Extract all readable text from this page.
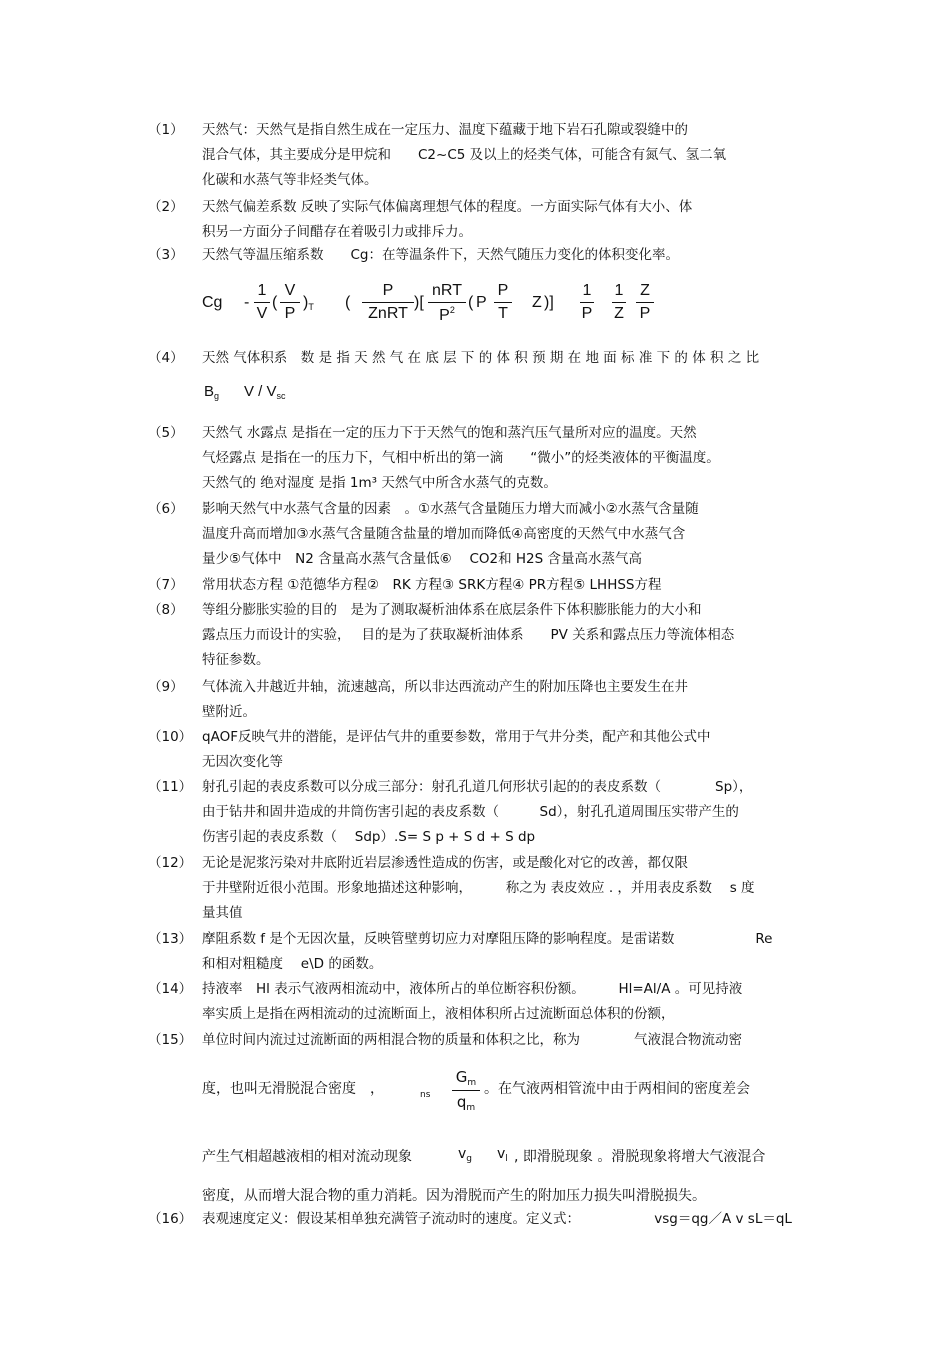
（1）	天然气：天然气是指自然生成在一定压力、温度下蕴藏于地下岩石孔隙或裂缝中的
混合气体，其主要成分是甲烷和　　C2~C5 及以上的烃类气体，可能含有氮气、氢二氧
化碳和水蒸气等非烃类气体。
（2）	天然气偏差系数 反映了实际气体偏离理想气体的程度。一方面实际气体有大小、体
积另一方面分子间醋存在着吸引力或排斥力。
（3）	天然气等温压缩系数　　Cg：在等温条件下，天然气随压力变化的体积变化率。
（4）	天然 气体积系　数 是 指 天 然 气 在 底 层 下 的 体 积 预 期 在 地 面 标 准 下 的 体 积 之 比
（5）	天然气 水露点 是指在一定的压力下于天然气的饱和蒸汽压气量所对应的温度。天然
气烃露点 是指在一的压力下，气相中析出的第一滴　　“微小”的烃类液体的平衡温度。
天然气的 绝对湿度 是指 1m³ 天然气中所含水蒸气的克数。
（6）	影响天然气中水蒸气含量的因素　。①水蒸气含量随压力增大而减小②水蒸气含量随
温度升高而增加③水蒸气含量随含盐量的增加而降低④高密度的天然气中水蒸气含
量少⑤气体中　N2 含量高水蒸气含量低⑥　 CO2和 H2S 含量高水蒸气高
（7）	常用状态方程 ①范德华方程②　RK 方程③ SRK方程④ PR方程⑤ LHHSS方程
（8）	等组分膨胀实验的目的　是为了测取凝析油体系在底层条件下体积膨胀能力的大小和
露点压力而设计的实验，　 目的是为了获取凝析油体系　　PV 关系和露点压力等流体相态
特征参数。
（9）	气体流入井越近井轴，流速越高，所以非达西流动产生的附加压降也主要发生在井
壁附近。
（10） qAOF反映气井的潜能，是评估气井的重要参数，常用于气井分类，配产和其他公式中
无因次变化等
（11） 射孔引起的表皮系数可以分成三部分：射孔孔道几何形状引起的的表皮系数（　　　　Sp），
由于钻井和固井造成的井筒伤害引起的表皮系数（　　　Sd），射孔孔道周围压实带产生的
伤害引起的表皮系数（　 Sdp）.S= S p + S d + S dp
（12） 无论是泥浆污染对井底附近岩层渗透性造成的伤害，或是酸化对它的改善，都仅限
于井壁附近很小范围。形象地描述这种影响，　　　称之为 表皮效应 . ，并用表皮系数　 s 度
量其值
（13） 摩阻系数 f 是个无因次量，反映管壁剪切应力对摩阻压降的影响程度。是雷诺数　　　　　　Re
和相对粗糙度　 e\D 的函数。
（14） 持液率　Hl 表示气液两相流动中，液体所占的单位断容积份额。　　　Hl=Al/A 。可见持液
率实质上是指在两相流动的过流断面上，液相体积所占过流断面总体积的份额，
（15） 单位时间内流过过流断面的两相混合物的质量和体积之比，称为　　　　气液混合物流动密
（16） 表观速度定义：假设某相单独充满管子流动时的速度。定义式：　　　　　　vsg＝qg／A v sL＝qL
Cg -
1
V
(
V
P
)$_T$ (
P
ZnRT
)[
nRT
$P^2$ ( P
P
T
Z )]
1
P
1
Z
Z
P
$B_g$ V / $V_{sc}$
度，也叫无滑脱混合密度　，	ns
$G_m$
$q_m$
。在气液两相管流中由于两相间的密度差会
产生气相超越液相的相对流动现象	$v_g$ $v_l$ , 即滑脱现象 。滑脱现象将增大气液混合
密度，从而增大混合物的重力消耗。因为滑脱而产生的附加压力损失叫滑脱损失。
